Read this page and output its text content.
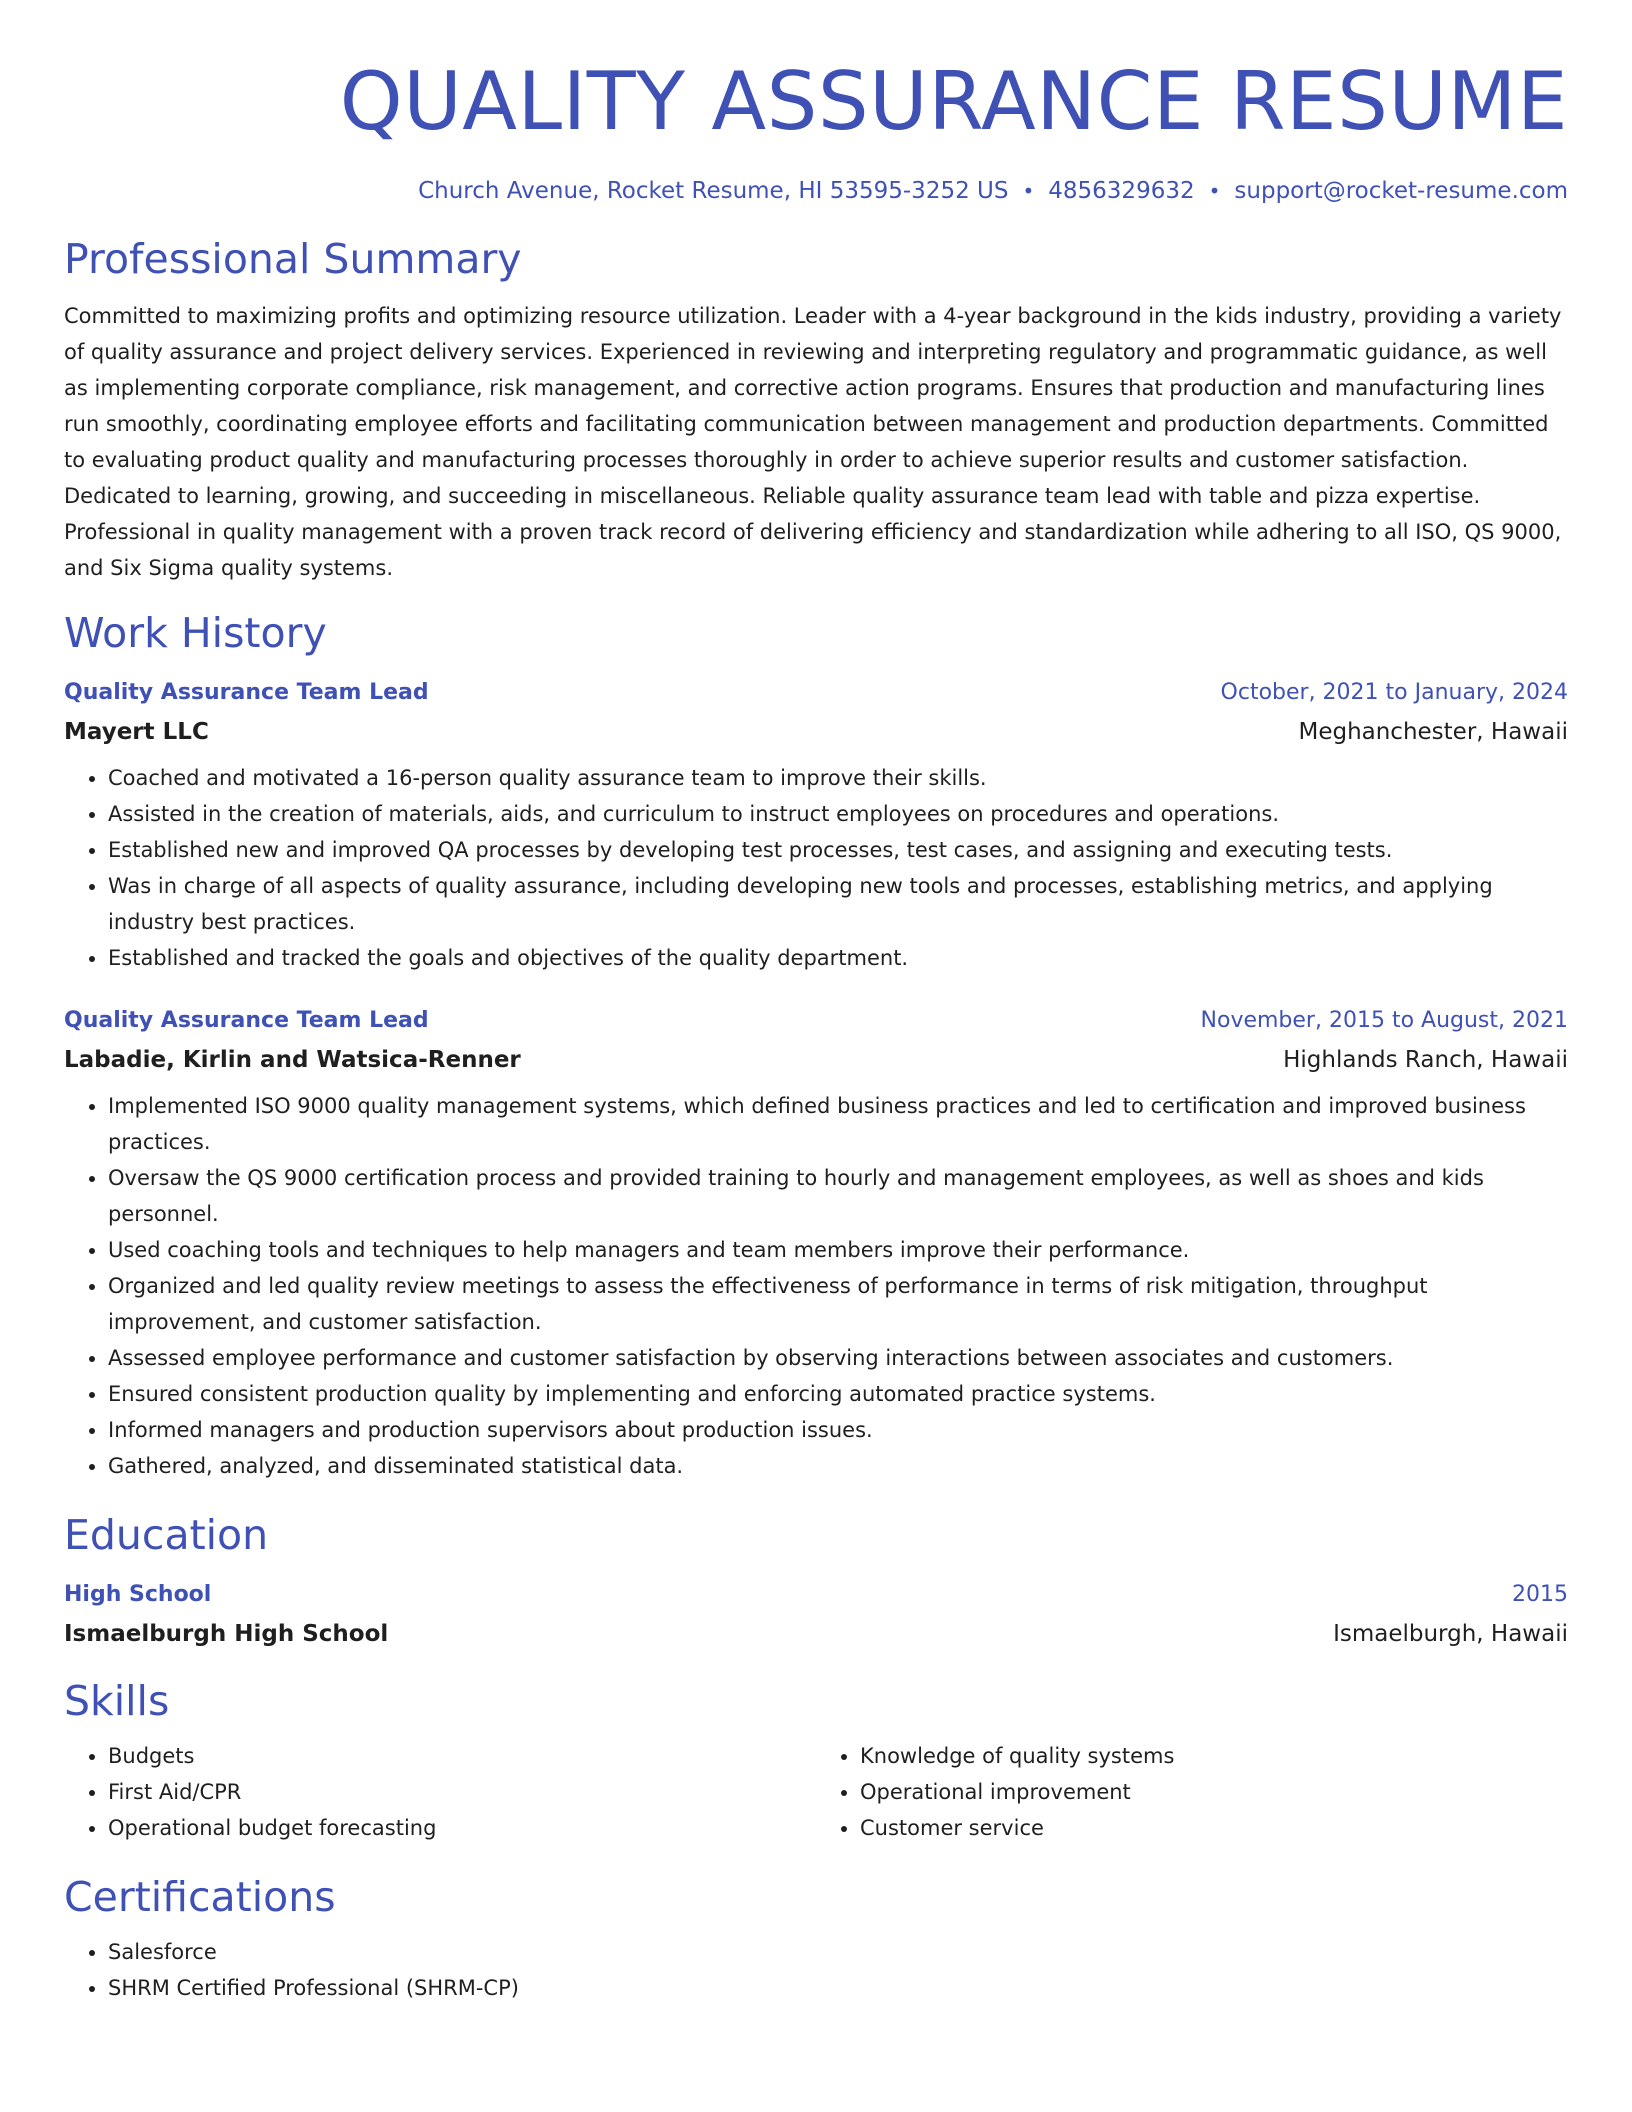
QUALITY ASSURANCE RESUME
Church Avenue, Rocket Resume, HI 53595-3252 US • 4856329632 • support@rocket-resume.com
Professional Summary

Committed to maximizing profits and optimizing resource utilization. Leader with a 4-year background in the kids industry, providing a variety of quality assurance and project delivery services. Experienced in reviewing and interpreting regulatory and programmatic guidance, as well as implementing corporate compliance, risk management, and corrective action programs. Ensures that production and manufacturing lines run smoothly, coordinating employee efforts and facilitating communication between management and production departments. Committed to evaluating product quality and manufacturing processes thoroughly in order to achieve superior results and customer satisfaction. Dedicated to learning, growing, and succeeding in miscellaneous. Reliable quality assurance team lead with table and pizza expertise. Professional in quality management with a proven track record of delivering efficiency and standardization while adhering to all ISO, QS 9000, and Six Sigma quality systems.

Work History
Quality Assurance Team Lead	October, 2021 to January, 2024
Mayert LLC	Meghanchester, Hawaii
• Coached and motivated a 16-person quality assurance team to improve their skills.
• Assisted in the creation of materials, aids, and curriculum to instruct employees on procedures and operations.
• Established new and improved QA processes by developing test processes, test cases, and assigning and executing tests.
• Was in charge of all aspects of quality assurance, including developing new tools and processes, establishing metrics, and applying industry best practices.
• Established and tracked the goals and objectives of the quality department.
Quality Assurance Team Lead	November, 2015 to August, 2021
Labadie, Kirlin and Watsica-Renner	Highlands Ranch, Hawaii
• Implemented ISO 9000 quality management systems, which defined business practices and led to certification and improved business practices.
• Oversaw the QS 9000 certification process and provided training to hourly and management employees, as well as shoes and kids personnel.
• Used coaching tools and techniques to help managers and team members improve their performance.
• Organized and led quality review meetings to assess the effectiveness of performance in terms of risk mitigation, throughput improvement, and customer satisfaction.
• Assessed employee performance and customer satisfaction by observing interactions between associates and customers.
• Ensured consistent production quality by implementing and enforcing automated practice systems.
• Informed managers and production supervisors about production issues.
• Gathered, analyzed, and disseminated statistical data.
Education
High School	2015
Ismaelburgh High School	Ismaelburgh, Hawaii
Skills
• Budgets
• First Aid/CPR
• Operational budget forecasting
• Knowledge of quality systems
• Operational improvement
• Customer service
Certifications
• Salesforce
• SHRM Certified Professional (SHRM-CP)
